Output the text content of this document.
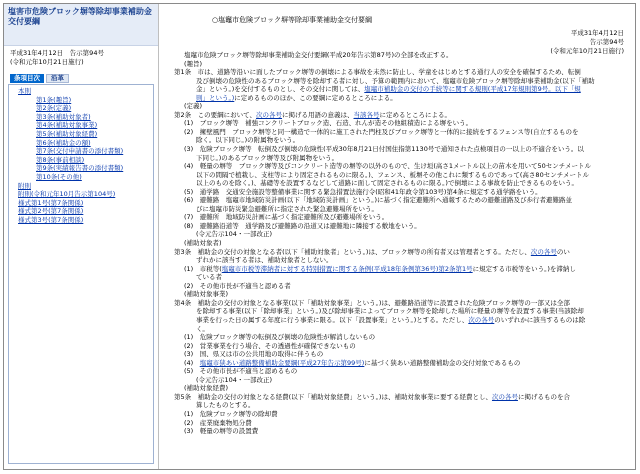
塩害市危険ブロック塀等除却事業補助金交付要綱
平成31年4月12日　告示第94号
(令和元年10月21日施行)
条項目次	沿革
本則
第1条(趣旨)
第2条(定義)
第3条(補助対象者)
第4条(補助対象事業)
第5条(補助対象経費)
第6条(補助金の額)
第7条(交付申請書の添付書類)
第8条(事前相談)
第9条(実績報告書の添付書類)
第10条(その他)
附則
附則(令和元年10月告示第104号)
様式第1号(第7条関係)
様式第2号(第7条関係)
様式第3号(第7条関係)
○塩竈市危険ブロック塀等除却事業補助金交付要綱
平成31年4月12日
告示第94号
(令和元年10月21日施行)
塩竈市危険ブロック塀等除却事業補助金交付要綱(平成20年告示第87号)の全部を改正する。
(趣旨)
第1条　市は、道路等沿いに面したブロック塀等の倒壊による事故を未然に防止し、学童をはじめとする通行人の安全を確保するため、転倒
及び倒壊の危険性のあるブロック塀等を除却する者に対し、予算の範囲内において、塩竈市危険ブロック塀等除却事業補助金(以下「補助
金」という。)を交付するものとし、その交付に関しては、塩竈市補助金の交付の手続等に関する規則(平成17年規則第9号。以下「規
則」という。)に定めるもののほか、この要綱に定めるところによる。
(定義)
第2条　この要綱において、次の各号に掲げる用語の意義は、当該各号に定めるところによる。
(1)　ブロック塀等　補強コンクリートブロック造、石造、れんが造その他組積造による塀をいう。
(2)　擁壁風門　ブロック塀等と同一構造で一体的に施工された門柱及びブロック塀等と一体的に接続をするフェンス等(自立するものを
除く。以下同じ。)の附属物をいう。
(3)　危険ブロック塀等　転倒及び倒壊の危険性(平成30年8月21日付国住指第1130号で通知された点検項目の一以上の不適合をいう。以
下同じ。)のあるブロック塀等及び附属物をいう。
(4)　軽量の塀等　ブロック塀等及びコンクリート造等の塀等の以外のもので、生け垣(高さ1メートル以上の苗木を用いて50センチメートル
以下の間隔で植栽し、支柱等により固定されるものに限る。)、フェンス、板塀その他これに類するものであって(高さ80センチメートル
以上のものを除く。)、基礎等を設置するなどして道路に面して固定されるものに限る。)で倒壊による事故を防止できるものをいう。
(5)　通学路　交通安全施設等整備事業に関する緊急措置法施行令(昭和41年政令第103号)第4条に規定する通学路をいう。
(6)　避難路　塩竈市地域防災計画(以下「地域防災計画」という。)に基づく指定避難所へ通報するための避難道路及び歩行者避難路並
びに塩竈市防災緊急避難所に指定された緊急避難場所をいう。
(7)　避難所　地域防災計画に基づく指定避難所及び避難場所をいう。
(8)　避難路沿道等　通学路及び避難路の沿道又は避難地に隣接する敷地をいう。
(令元告示104・一部改正)
(補助対象者)
第3条　補助金の交付の対象となる者(以下「補助対象者」という。)は、ブロック塀等の所有者又は管理者とする。ただし、次の各号のい
ずれかに該当する者は、補助対象者としない。
(1)　市税等(塩竈市市税等滞納者に対する特別措置に関する条例(平成18年条例第36号)第2条第1号に規定する市税等をいう。)を滞納し
ている者
(2)　その他市長が不適当と認める者
(補助対象事業)
第4条　補助金の交付の対象となる事業(以下「補助対象事業」という。)は、避難路沿道等に設置された危険ブロック塀等の一部又は全部
を除却する事業(以下「除却事業」という。)及び除却事業によってブロック塀等を除却した場所に軽量の塀等を設置する事業(当該除却
事業を行った日の属する年度に行う事業に限る。以下「設置事業」という。)とする。ただし、次の各号のいずれかに該当するものは除
く。
(1)　危険ブロック塀等の転倒及び倒壊の危険性が解消しないもの
(2)　営業事業を行う場合、その透過性が確保できないもの
(3)　国、県又は市の公共用地の取得に伴うもの
(4)　塩竈市狭あい道路整備補助金要綱(平成27年告示第99号)に基づく狭あい道路整備補助金の交付対象であるもの
(5)　その他市長が不適当と認めるもの
(令元告示104・一部改正)
(補助対象経費)
第5条　補助金の交付の対象となる経費(以下「補助対象経費」という。)は、補助対象事業に要する経費とし、次の各号に掲げるものを合
算したものとする。
(1)　危険ブロック塀等の除却費
(2)　産業廃棄物処分費
(3)　軽量の塀等の設置費
